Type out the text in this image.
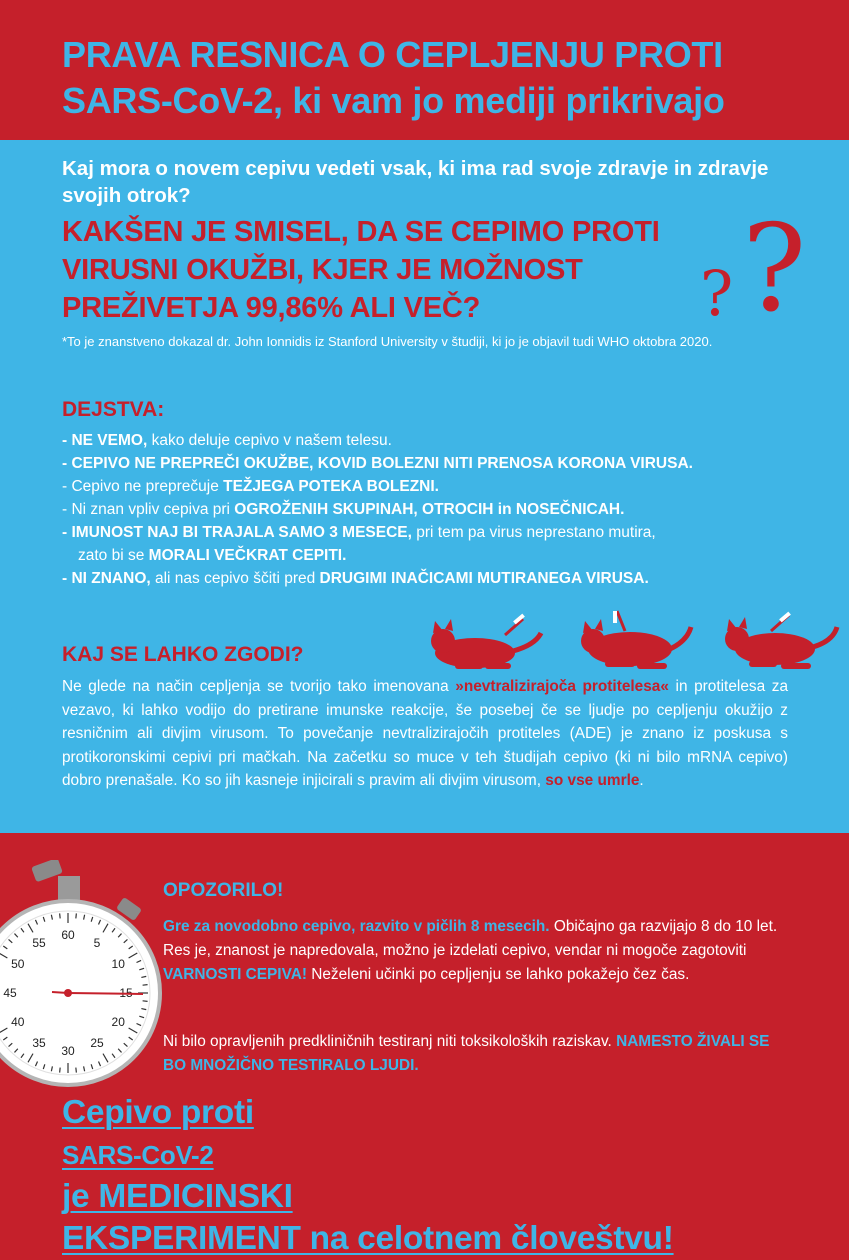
PRAVA RESNICA O CEPLJENJU PROTI
SARS-CoV-2, ki vam jo mediji prikrivajo

Kaj mora o novem cepivu vedeti vsak, ki ima rad svoje zdravje in zdravje svojih otrok?

KAKŠEN JE SMISEL, DA SE CEPIMO PROTI VIRUSNI OKUŽBI, KJER JE MOŽNOST PREŽIVETJA 99,86% ALI VEČ?	?
?

*To je znanstveno dokazal dr. John Ionnidis iz Stanford University v študiji, ki jo je objavil tudi WHO oktobra 2020.

DEJSTVA:
- NE VEMO, kako deluje cepivo v našem telesu.
- CEPIVO NE PREPREČI OKUŽBE, KOVID BOLEZNI NITI PRENOSA KORONA VIRUSA.
- Cepivo ne preprečuje TEŽJEGA POTEKA BOLEZNI.
- Ni znan vpliv cepiva pri OGROŽENIH SKUPINAH, OTROCIH in NOSEČNICAH.
- IMUNOST NAJ BI TRAJALA SAMO 3 MESECE, pri tem pa virus neprestano mutira,
zato bi se MORALI VEČKRAT CEPITI.
- NI ZNANO, ali nas cepivo ščiti pred DRUGIMI INAČICAMI MUTIRANEGA VIRUSA.
KAJ SE LAHKO ZGODI?

Ne glede na način cepljenja se tvorijo tako imenovana »nevtralizirajoča protitelesa« in protitelesa za vezavo, ki lahko vodijo do pretirane imunske reakcije, še posebej če se ljudje po cepljenju okužijo z resničnim ali divjim virusom. To povečanje nevtralizirajočih protiteles (ADE) je znano iz poskusa s protikoronskimi cepivi pri mačkah. Na začetku so muce v teh študijah cepivo (ki ni bilo mRNA cepivo) dobro prenašale. Ko so jih kasneje injicirali s pravim ali divjim virusom, so vse umrle.

55
60
5
50	10
45
40	20
35
30
25
OPOZORILO!

Gre za novodobno cepivo, razvito v pičlih 8 mesecih. Običajno ga razvijajo 8 do 10 let. Res je, znanost je napredovala, možno je izdelati cepivo, vendar ni mogoče zagotoviti VARNOSTI CEPIVA! Neželeni učinki po cepljenju se lahko pokažejo čez čas.

Ni bilo opravljenih predkliničnih testiranj niti toksikoloških raziskav. NAMESTO ŽIVALI SE BO MNOŽIČNO TESTIRALO LJUDI.

Cepivo proti
SARS-CoV-2
je MEDICINSKI
EKSPERIMENT na celotnem človeštvu!
